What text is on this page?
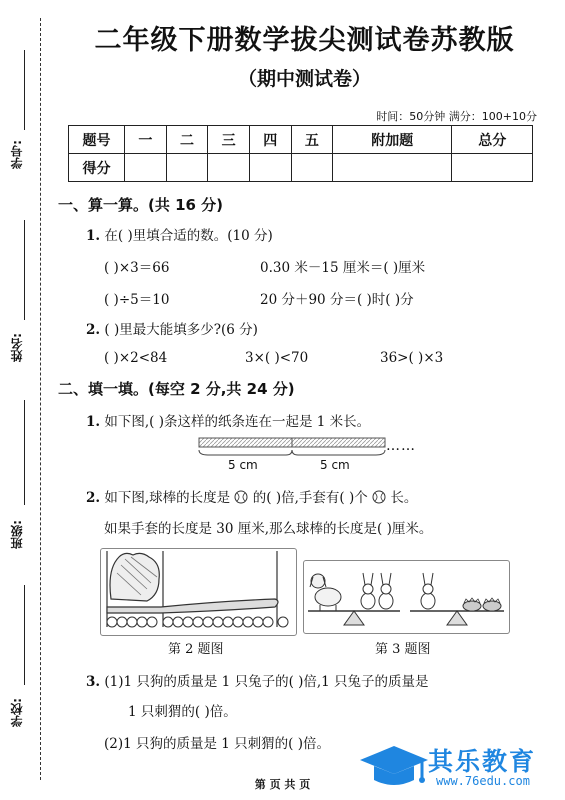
学号:
姓名:
班级:
学校:
二年级下册数学拔尖测试卷苏教版
（期中测试卷）
时间：50分钟 满分：100+10分
题号	一	二	三	四	五	附加题	总分
得分							
一、算一算。(共 16 分)
1. 在( )里填合适的数。(10 分)
( )×3＝66	0.30 米－15 厘米＝( )厘米
( )÷5＝10	20 分＋90 分＝( )时( )分
2. ( )里最大能填多少?(6 分)
( )×2<84	3×( )<70	36>( )×3
二、填一填。(每空 2 分,共 24 分)
1. 如下图,( )条这样的纸条连在一起是 1 米长。
……
5 cm	5 cm
2. 如下图,球棒的长度是 的( )倍,手套有( )个 长。
如果手套的长度是 30 厘米,那么球棒的长度是( )厘米。
第 2 题图	第 3 题图
3. (1)1 只狗的质量是 1 只兔子的( )倍,1 只兔子的质量是
1 只刺猬的( )倍。
(2)1 只狗的质量是 1 只刺猬的( )倍。
其乐教育
www.76edu.com
第 页 共 页
